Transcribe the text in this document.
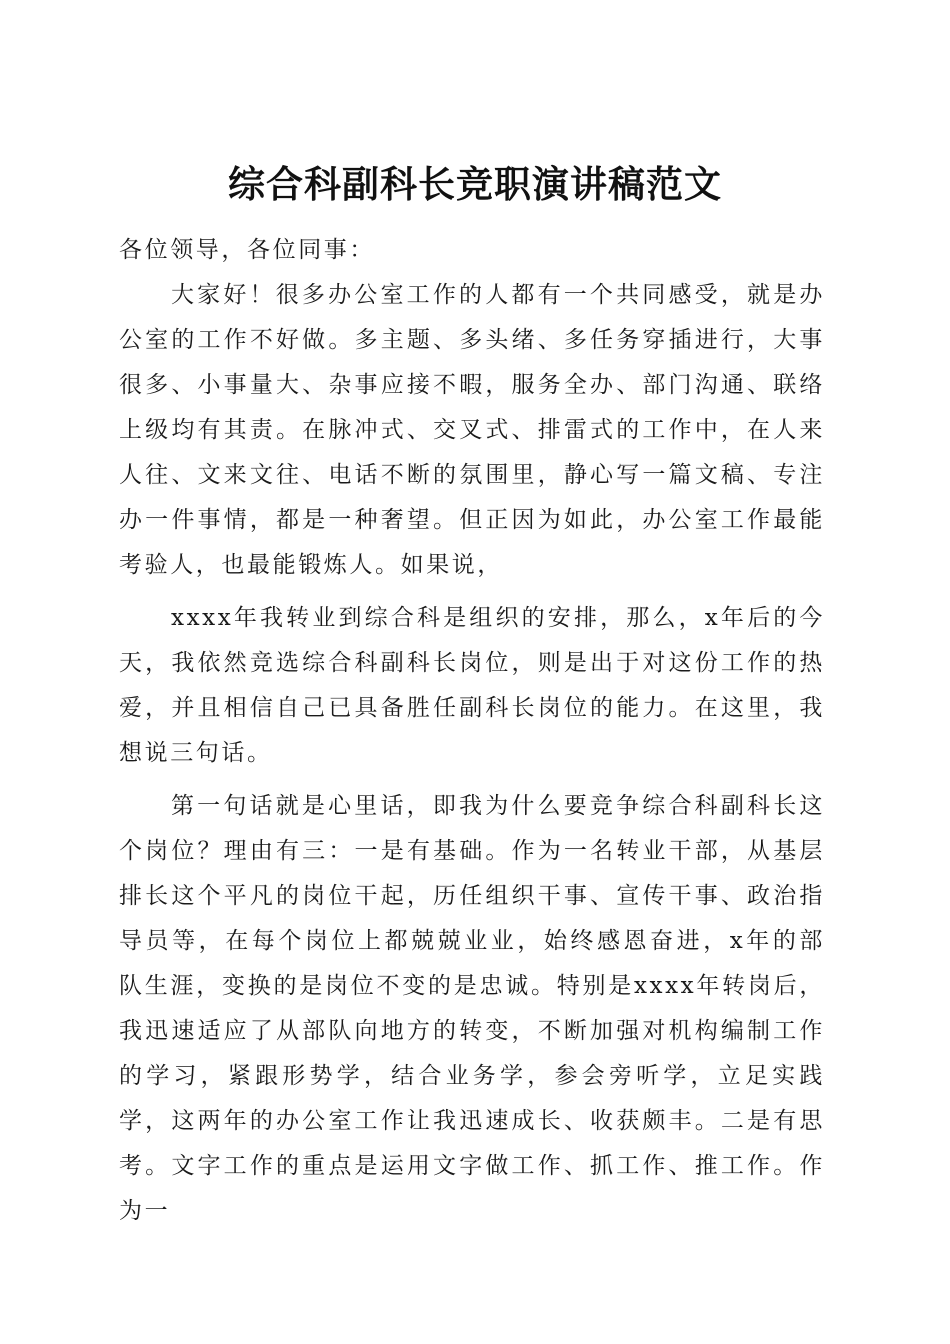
综合科副科长竞职演讲稿范文

各位领导，各位同事：

大家好！很多办公室工作的人都有一个共同感受，就是办公室的工作不好做。多主题、多头绪、多任务穿插进行，大事很多、小事量大、杂事应接不暇，服务全办、部门沟通、联络上级均有其责。在脉冲式、交叉式、排雷式的工作中，在人来人往、文来文往、电话不断的氛围里，静心写一篇文稿、专注办一件事情，都是一种奢望。但正因为如此，办公室工作最能考验人，也最能锻炼人。如果说，

xxxx年我转业到综合科是组织的安排，那么，x年后的今天，我依然竞选综合科副科长岗位，则是出于对这份工作的热爱，并且相信自己已具备胜任副科长岗位的能力。在这里，我想说三句话。

第一句话就是心里话，即我为什么要竞争综合科副科长这个岗位？理由有三：一是有基础。作为一名转业干部，从基层排长这个平凡的岗位干起，历任组织干事、宣传干事、政治指导员等，在每个岗位上都兢兢业业，始终感恩奋进，x年的部队生涯，变换的是岗位不变的是忠诚。特别是xxxx年转岗后，我迅速适应了从部队向地方的转变，不断加强对机构编制工作的学习，紧跟形势学，结合业务学，参会旁听学，立足实践学，这两年的办公室工作让我迅速成长、收获颇丰。二是有思考。文字工作的重点是运用文字做工作、抓工作、推工作。作为一
